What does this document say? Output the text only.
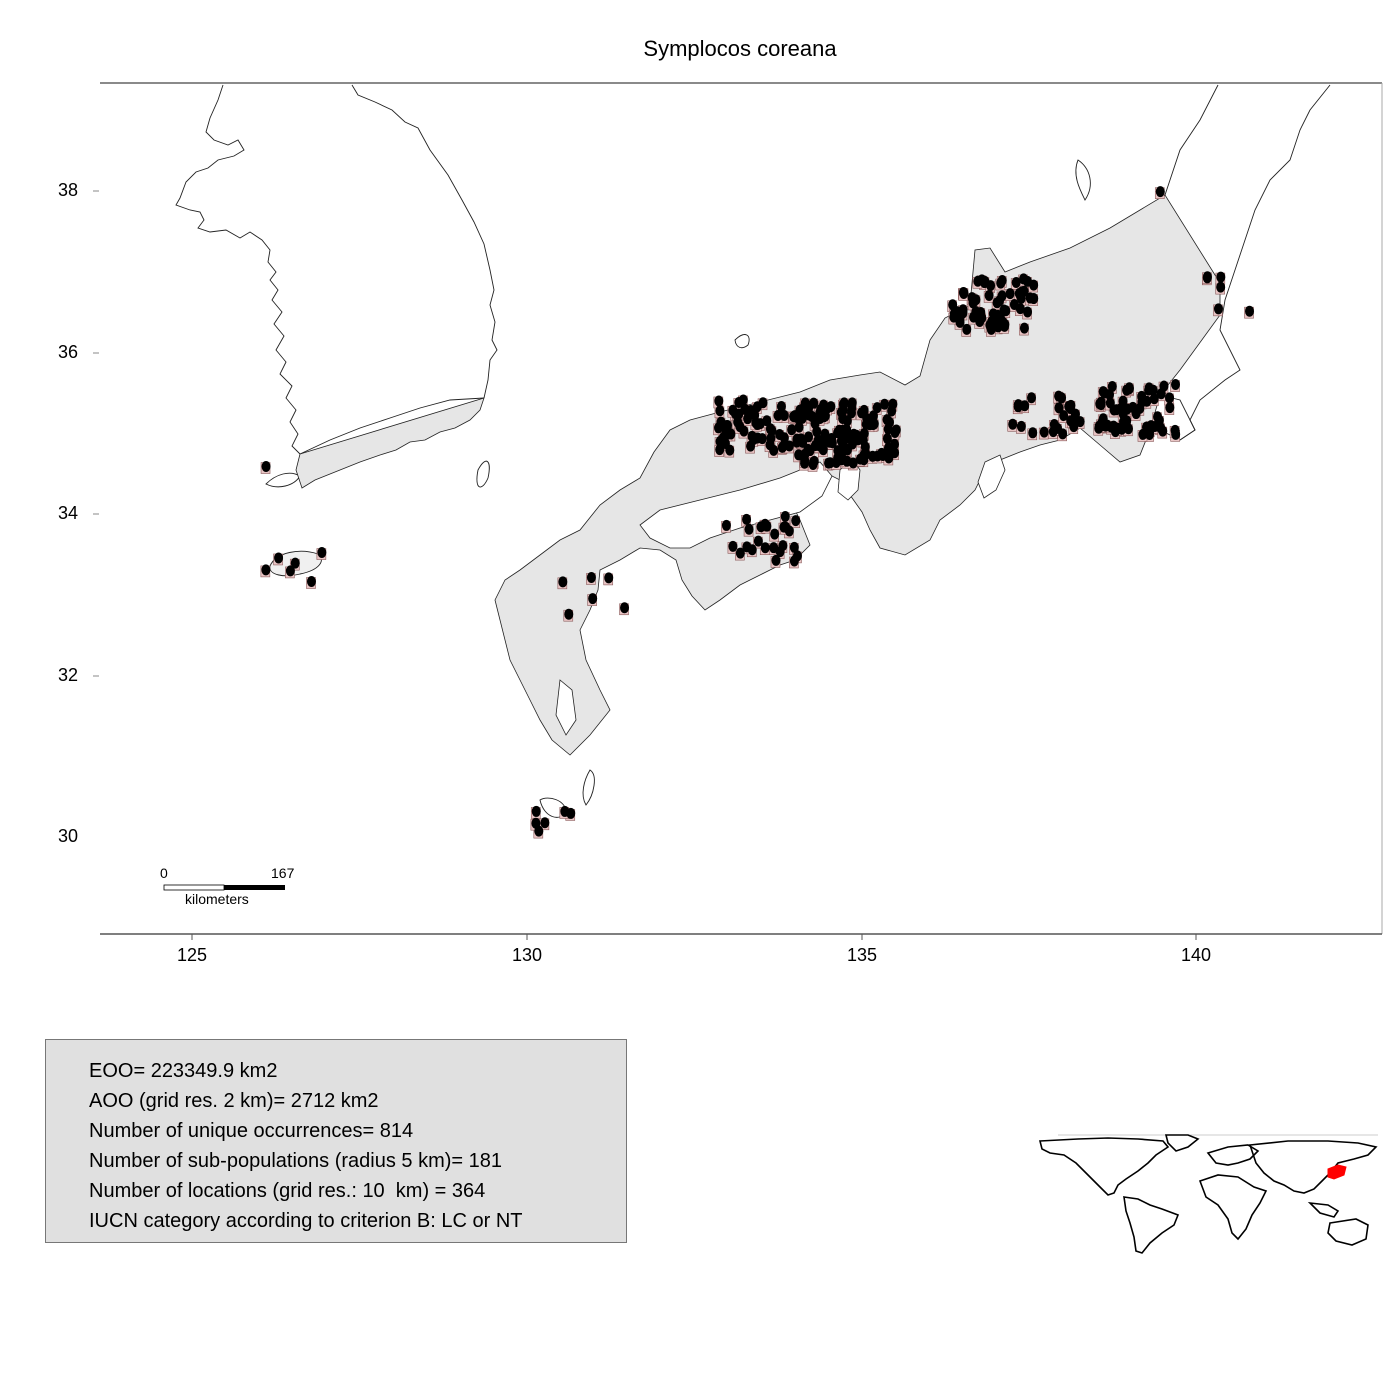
Symplocos coreana
38
36
34
32
30
125	130	135	140
0	167
kilometers
EOO= 223349.9 km2
AOO (grid res. 2 km)= 2712 km2
Number of unique occurrences= 814
Number of sub-populations (radius 5 km)= 181
Number of locations (grid res.: 10  km) = 364
IUCN category according to criterion B: LC or NT
